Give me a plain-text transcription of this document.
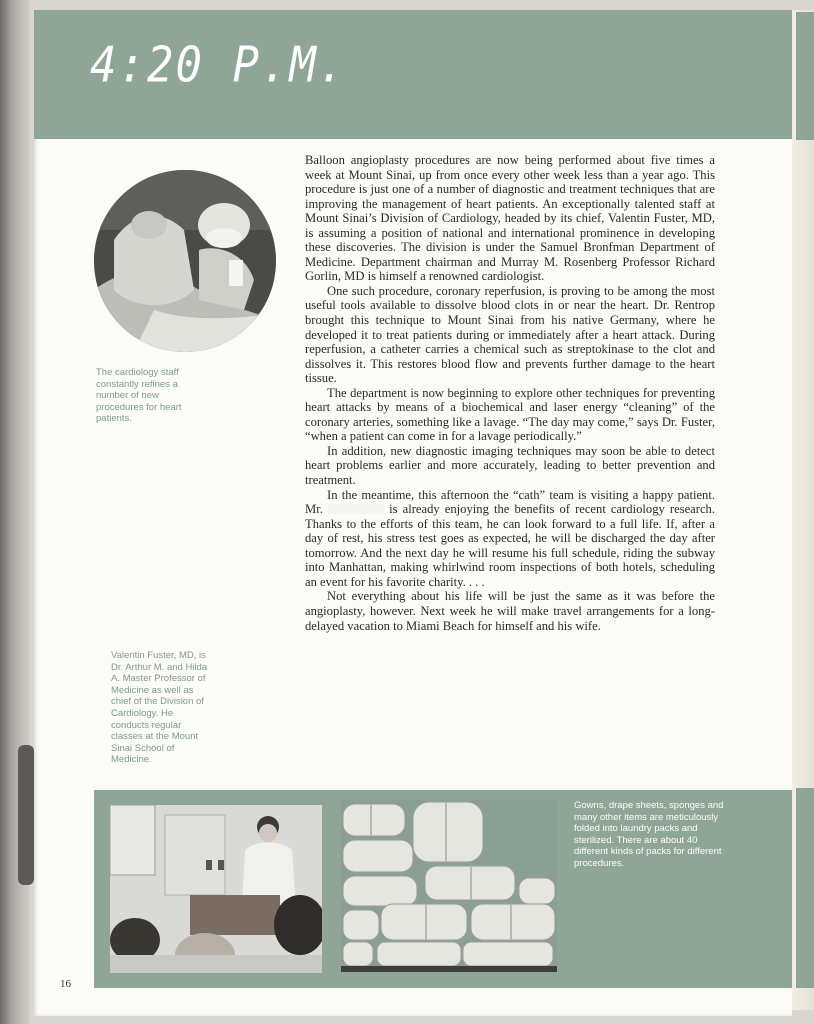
4:20 P.M.
The cardiology staff constantly refines a number of new procedures for heart patients.
Valentin Fuster, MD, is Dr. Arthur M. and Hilda A. Master Professor of Medicine as well as chief of the Division of Cardiology. He conducts regular classes at the Mount Sinai School of Medicine.

Balloon angioplasty procedures are now being performed about five times a week at Mount Sinai, up from once every other week less than a year ago. This procedure is just one of a number of diagnostic and treatment techniques that are improving the management of heart patients. An exceptionally talented staff at Mount Sinai’s Division of Cardiology, headed by its chief, Valentin Fuster, MD, is assuming a position of national and international prominence in developing these discoveries. The division is under the Samuel Bronfman Department of Medicine. Department chairman and Murray M. Rosenberg Professor Richard Gorlin, MD is himself a renowned cardiologist.

One such procedure, coronary reperfusion, is proving to be among the most useful tools available to dissolve blood clots in or near the heart. Dr. Rentrop brought this technique to Mount Sinai from his native Germany, where he developed it to treat patients during or immediately after a heart attack. During reperfusion, a catheter carries a chemical such as streptokinase to the clot and dissolves it. This restores blood flow and prevents further damage to the heart tissue.

The department is now beginning to explore other techniques for preventing heart attacks by means of a biochemical and laser energy “cleaning” of the coronary arteries, something like a lavage. “The day may come,” says Dr. Fuster, “when a patient can come in for a lavage periodically.”

In addition, new diagnostic imaging techniques may soon be able to detect heart problems earlier and more accurately, leading to better prevention and treatment.

In the meantime, this afternoon the “cath” team is visiting a happy patient. Mr.	is already enjoying the benefits of recent cardiology research. Thanks to the efforts of this team, he can look forward to a full life. If, after a day of rest, his stress test goes as expected, he will be discharged the day after tomorrow. And the next day he will resume his full schedule, riding the subway into Manhattan, making whirlwind room inspections of both hotels, scheduling an event for his favorite charity. . . .

Not everything about his life will be just the same as it was before the angioplasty, however. Next week he will make travel arrangements for a long-delayed vacation to Miami Beach for himself and his wife.

Gowns, drape sheets, sponges and many other items are meticulously folded into laundry packs and sterilized. There are about 40 different kinds of packs for different procedures.
16
